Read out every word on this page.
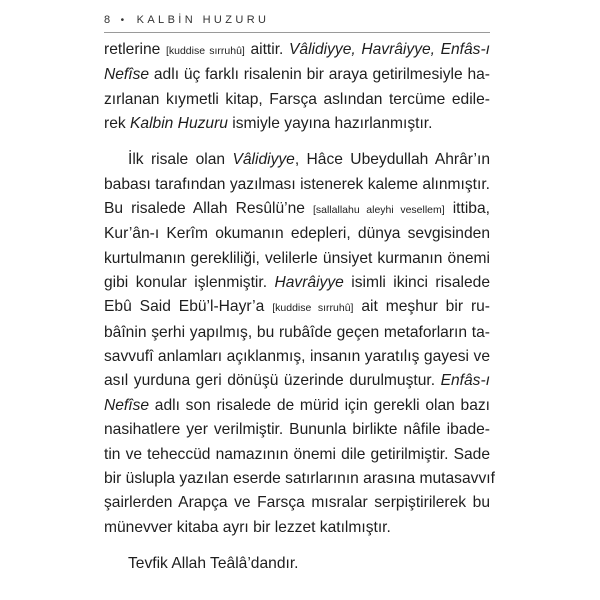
8 • KALBİN HUZURU

retlerine [kuddise sırruhû] aittir. Vâlidiyye, Havrâiyye, Enfâs-ı
Nefîse adlı üç farklı risalenin bir araya getirilmesiyle ha-
zırlanan kıymetli kitap, Farsça aslından tercüme edile-
rek Kalbin Huzuru ismiyle yayına hazırlanmıştır.

İlk risale olan Vâlidiyye, Hâce Ubeydullah Ahrâr’ın
babası tarafından yazılması istenerek kaleme alınmıştır.
Bu risalede Allah Resûlü’ne [sallallahu aleyhi vesellem] ittiba,
Kur’ân-ı Kerîm okumanın edepleri, dünya sevgisinden
kurtulmanın gerekliliği, velilerle ünsiyet kurmanın önemi
gibi konular işlenmiştir. Havrâiyye isimli ikinci risalede
Ebû Said Ebü’l-Hayr’a [kuddise sırruhû] ait meşhur bir ru-
bâînin şerhi yapılmış, bu rubâîde geçen metaforların ta-
savvufî anlamları açıklanmış, insanın yaratılış gayesi ve
asıl yurduna geri dönüşü üzerinde durulmuştur. Enfâs-ı
Nefîse adlı son risalede de mürid için gerekli olan bazı
nasihatlere yer verilmiştir. Bununla birlikte nâfile ibade-
tin ve teheccüd namazının önemi dile getirilmiştir. Sade
bir üslupla yazılan eserde satırlarının arasına mutasavvıf
şairlerden Arapça ve Farsça mısralar serpiştirilerek bu
münevver kitaba ayrı bir lezzet katılmıştır.

Tevfik Allah Teâlâ’dandır.
